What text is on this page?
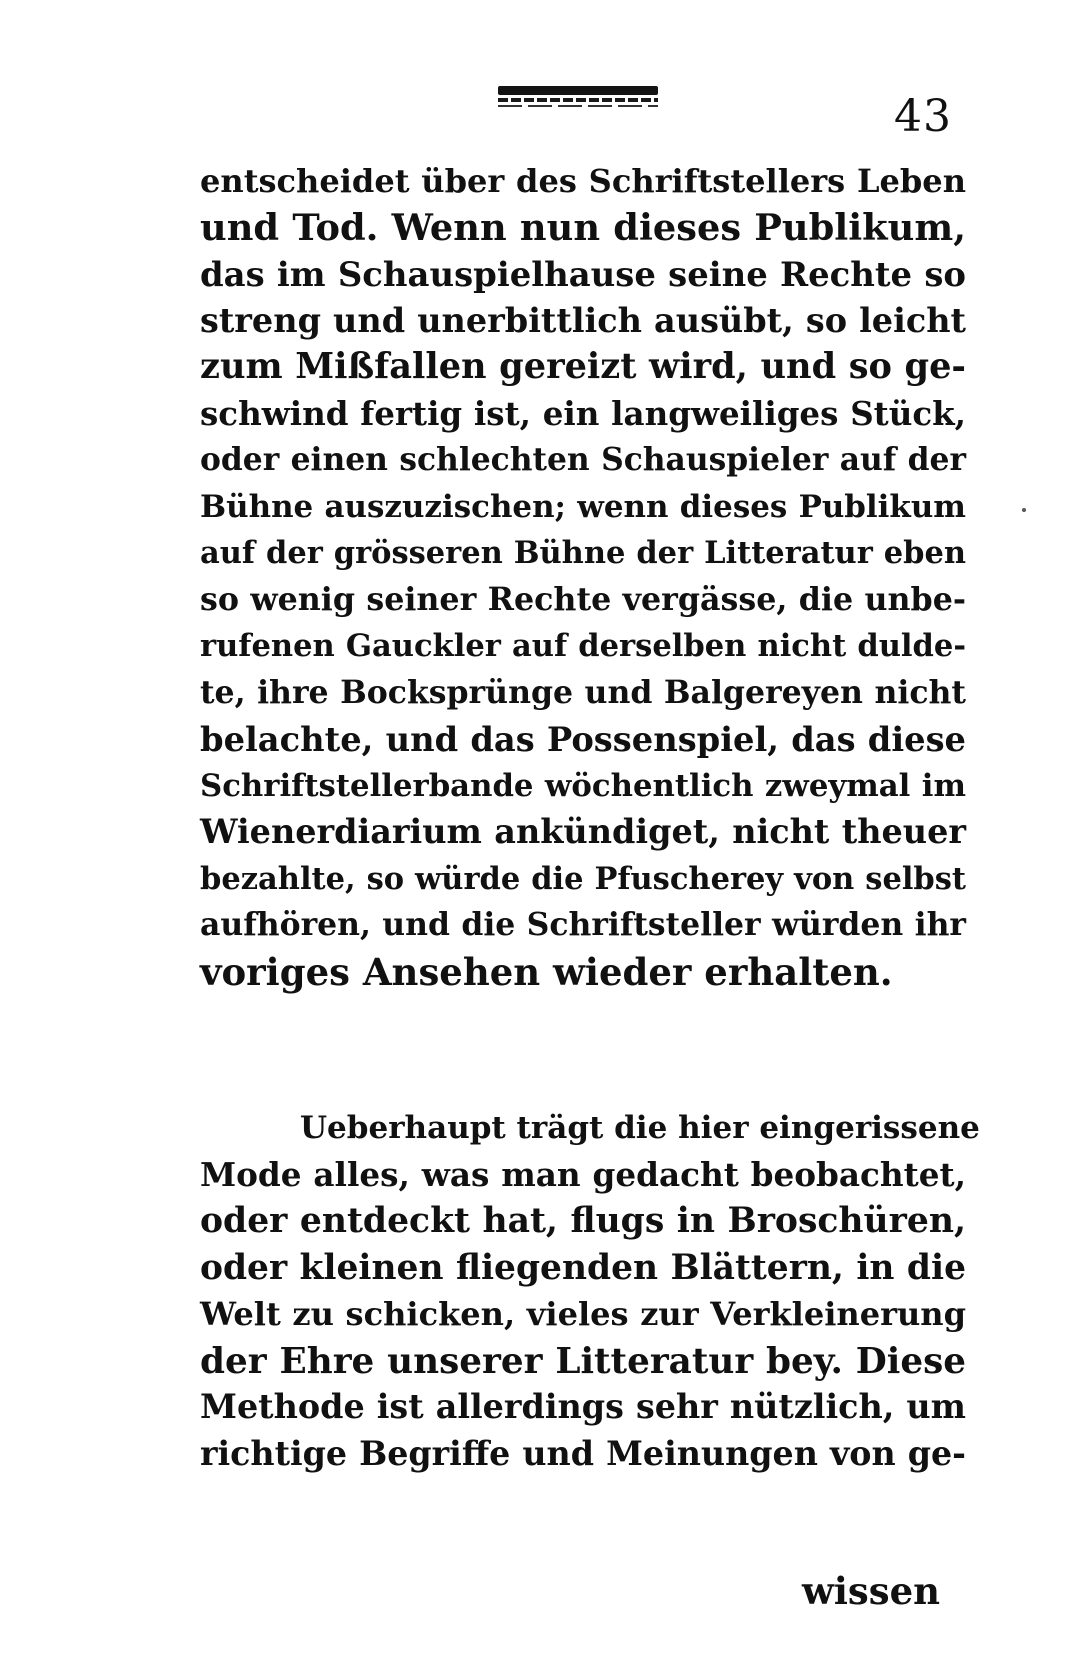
43
entscheidet über des Schriftstellers Leben
und Tod. Wenn nun dieses Publikum,
das im Schauspielhause seine Rechte so
streng und unerbittlich ausübt, so leicht
zum Mißfallen gereizt wird, und so ge-
schwind fertig ist, ein langweiliges Stück,
oder einen schlechten Schauspieler auf der
Bühne auszuzischen; wenn dieses Publikum
auf der grösseren Bühne der Litteratur eben
so wenig seiner Rechte vergässe, die unbe-
rufenen Gauckler auf derselben nicht dulde-
te, ihre Bocksprünge und Balgereyen nicht
belachte, und das Possenspiel, das diese
Schriftstellerbande wöchentlich zweymal im
Wienerdiarium ankündiget, nicht theuer
bezahlte, so würde die Pfuscherey von selbst
aufhören, und die Schriftsteller würden ihr
voriges Ansehen wieder erhalten.
Ueberhaupt trägt die hier eingerissene
Mode alles, was man gedacht beobachtet,
oder entdeckt hat, flugs in Broschüren,
oder kleinen fliegenden Blättern, in die
Welt zu schicken, vieles zur Verkleinerung
der Ehre unserer Litteratur bey. Diese
Methode ist allerdings sehr nützlich, um
richtige Begriffe und Meinungen von ge-
wissen
